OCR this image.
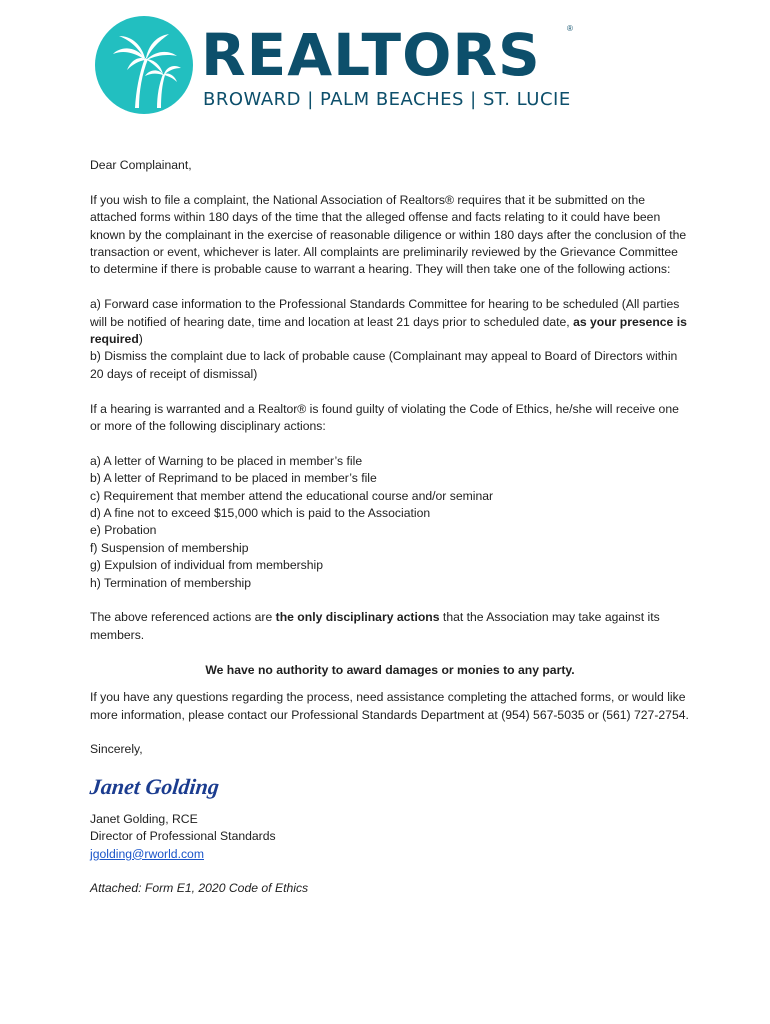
REALTORS	®
BROWARD | PALM BEACHES | ST. LUCIE

Dear Complainant,

If you wish to file a complaint, the National Association of Realtors® requires that it be submitted on the attached forms within 180 days of the time that the alleged offense and facts relating to it could have been known by the complainant in the exercise of reasonable diligence or within 180 days after the conclusion of the transaction or event, whichever is later. All complaints are preliminarily reviewed by the Grievance Committee to determine if there is probable cause to warrant a hearing. They will then take one of the following actions:

a) Forward case information to the Professional Standards Committee for hearing to be scheduled (All parties will be notified of hearing date, time and location at least 21 days prior to scheduled date, as your presence is required)

b) Dismiss the complaint due to lack of probable cause (Complainant may appeal to Board of Directors within 20 days of receipt of dismissal)

If a hearing is warranted and a Realtor® is found guilty of violating the Code of Ethics, he/she will receive one or more of the following disciplinary actions:

a) A letter of Warning to be placed in member’s file

b) A letter of Reprimand to be placed in member’s file

c) Requirement that member attend the educational course and/or seminar

d) A fine not to exceed $15,000 which is paid to the Association

e) Probation

f) Suspension of membership

g) Expulsion of individual from membership

h) Termination of membership

The above referenced actions are the only disciplinary actions that the Association may take against its members.

We have no authority to award damages or monies to any party.

If you have any questions regarding the process, need assistance completing the attached forms, or would like more information, please contact our Professional Standards Department at (954) 567-5035 or (561) 727-2754.

Sincerely,

Janet Golding

Janet Golding, RCE

Director of Professional Standards

jgolding@rworld.com

Attached: Form E1, 2020 Code of Ethics
